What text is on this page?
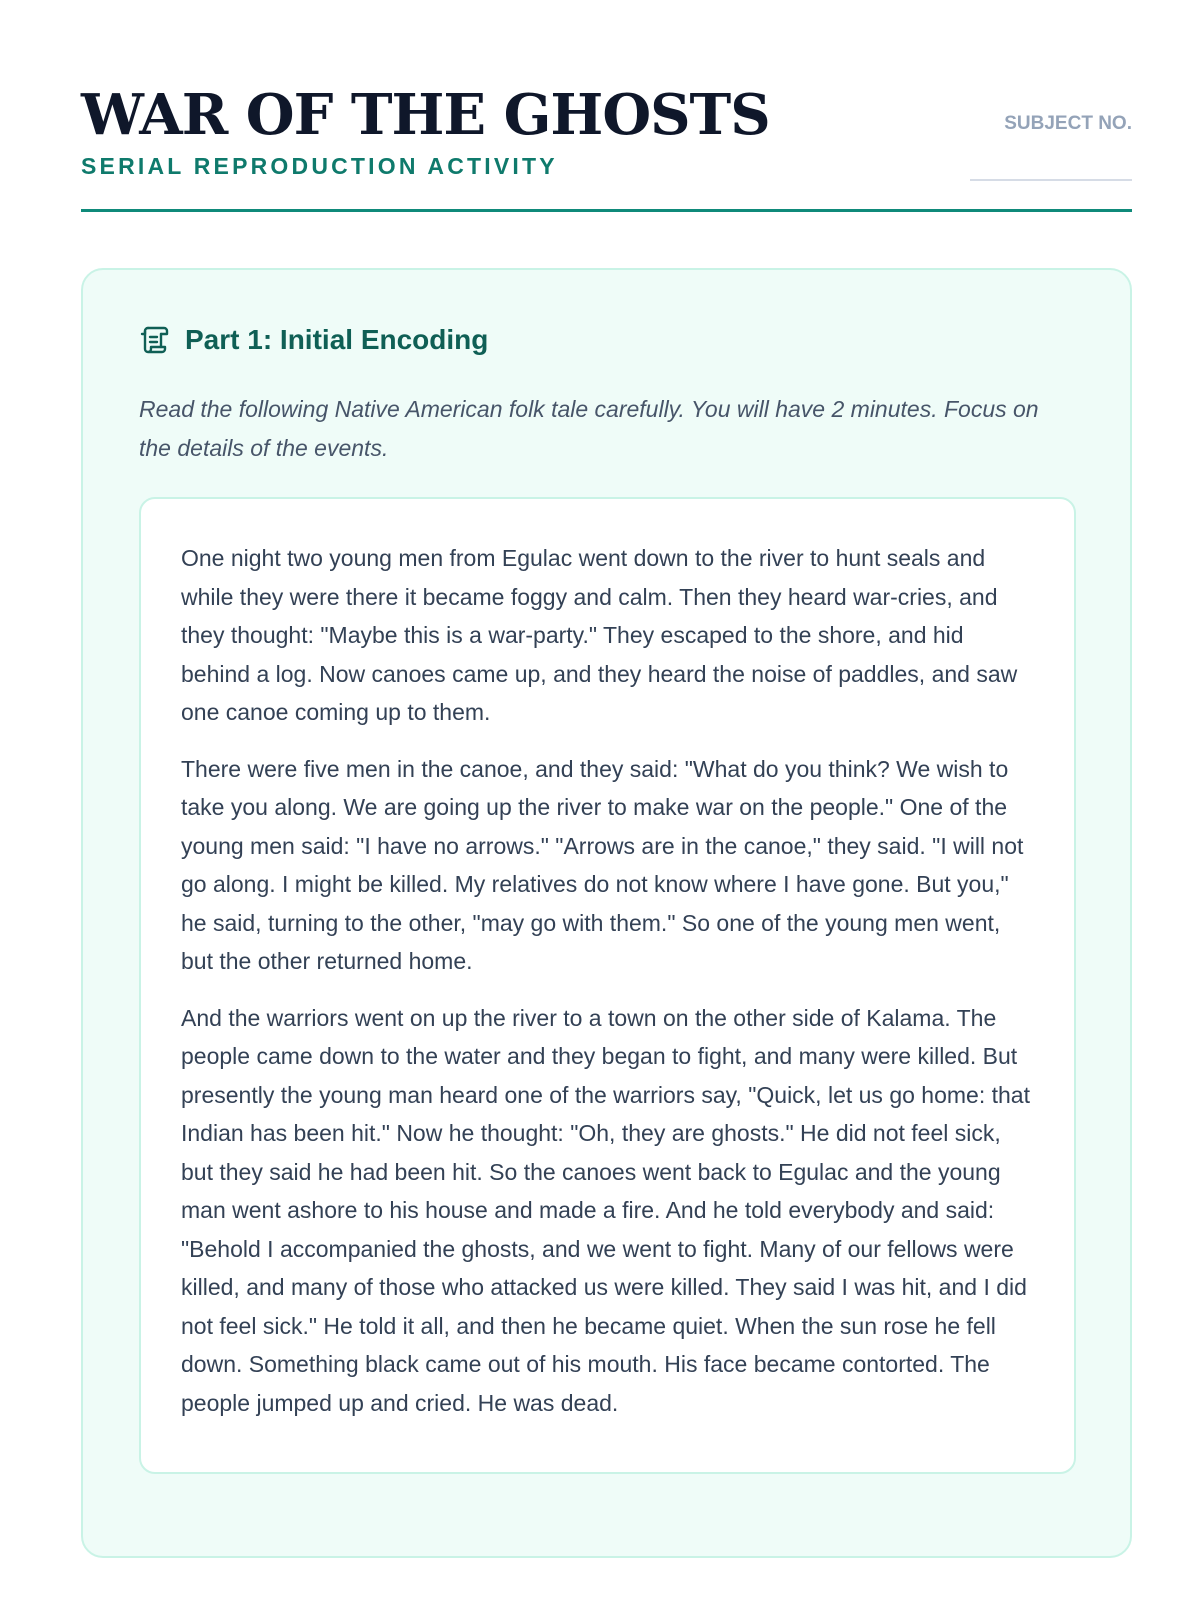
WAR OF THE GHOSTS
SERIAL REPRODUCTION ACTIVITY
SUBJECT NO.
Part 1: Initial Encoding
Read the following Native American folk tale carefully. You will have 2 minutes. Focus on the details of the events.

One night two young men from Egulac went down to the river to hunt seals and while they were there it became foggy and calm. Then they heard war-cries, and they thought: "Maybe this is a war-party." They escaped to the shore, and hid behind a log. Now canoes came up, and they heard the noise of paddles, and saw one canoe coming up to them.

There were five men in the canoe, and they said: "What do you think? We wish to take you along. We are going up the river to make war on the people." One of the young men said: "I have no arrows." "Arrows are in the canoe," they said. "I will not go along. I might be killed. My relatives do not know where I have gone. But you," he said, turning to the other, "may go with them." So one of the young men went, but the other returned home.

And the warriors went on up the river to a town on the other side of Kalama. The people came down to the water and they began to fight, and many were killed. But presently the young man heard one of the warriors say, "Quick, let us go home: that Indian has been hit." Now he thought: "Oh, they are ghosts." He did not feel sick, but they said he had been hit. So the canoes went back to Egulac and the young man went ashore to his house and made a fire. And he told everybody and said: "Behold I accompanied the ghosts, and we went to fight. Many of our fellows were killed, and many of those who attacked us were killed. They said I was hit, and I did not feel sick." He told it all, and then he became quiet. When the sun rose he fell down. Something black came out of his mouth. His face became contorted. The people jumped up and cried. He was dead.
